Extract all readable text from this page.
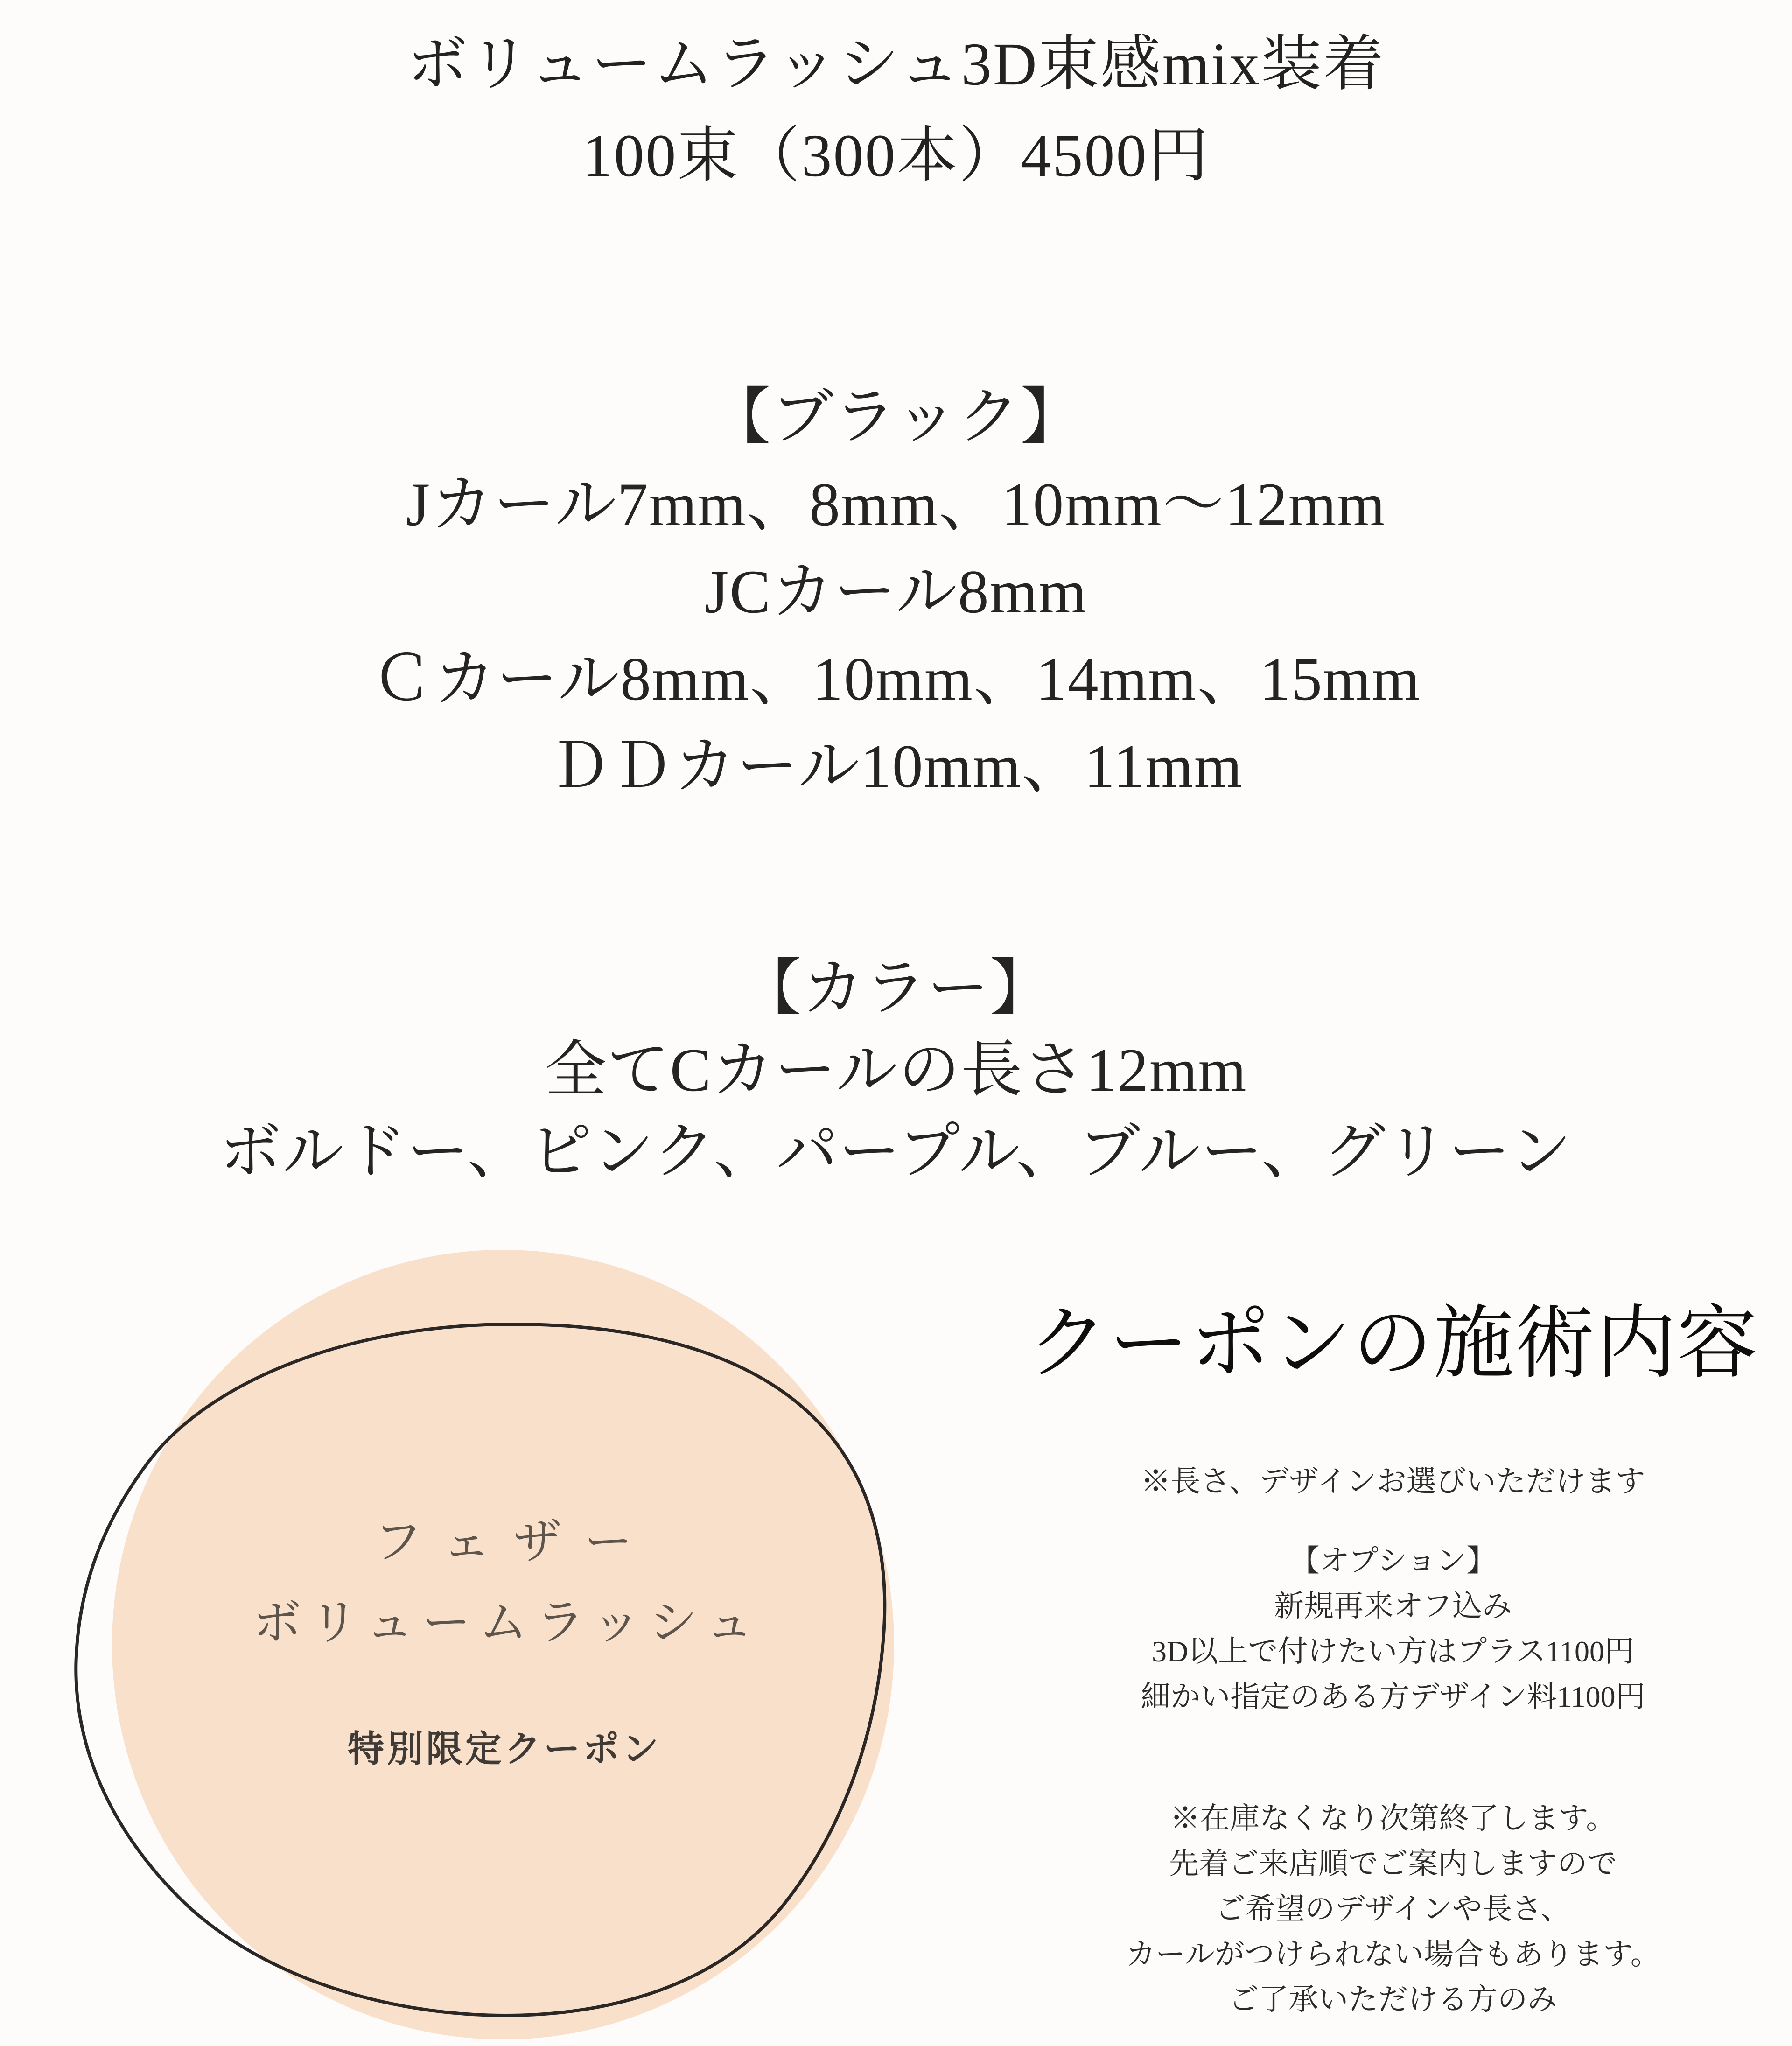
ボリュームラッシュ3D束感mix装着
100束（300本）4500円
【ブラック】
Jカール7mm、8mm、10mm〜12mm
JCカール8mm
Ｃカール8mm、10mm、14mm、15mm
ＤＤカール10mm、11mm
【カラー】
全てCカールの長さ12mm
ボルドー、ピンク、パープル、ブルー、グリーン
フェザー
ボリュームラッシュ
特別限定クーポン
クーポンの施術内容
※長さ、デザインお選びいただけます
【オプション】
新規再来オフ込み
3D以上で付けたい方はプラス1100円
細かい指定のある方デザイン料1100円
※在庫なくなり次第終了します。
先着ご来店順でご案内しますので
ご希望のデザインや長さ、
カールがつけられない場合もあります。
ご了承いただける方のみ
